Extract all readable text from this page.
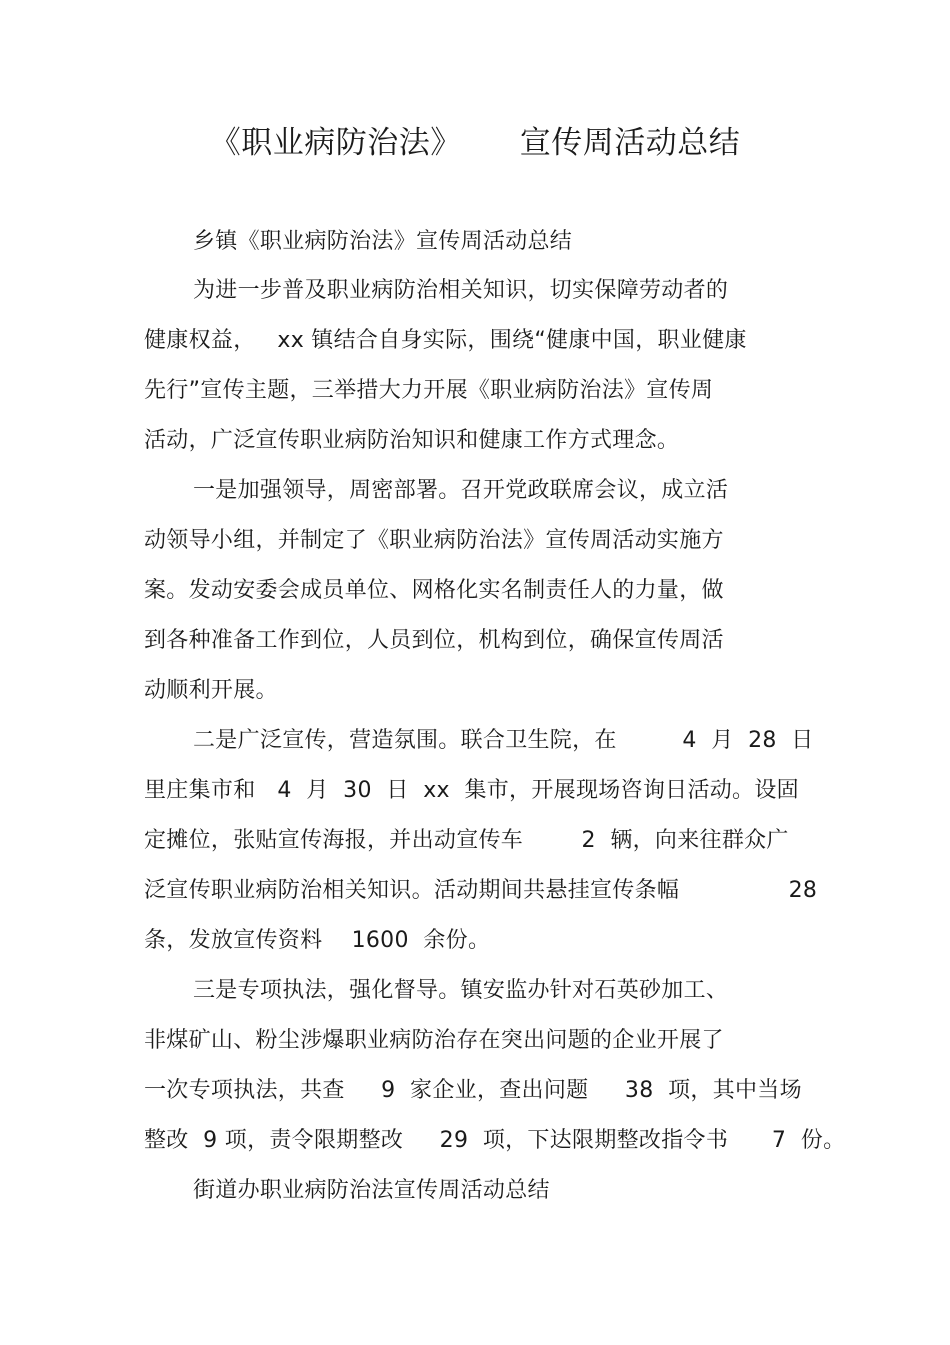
《职业病防治法》 宣传周活动总结
乡镇《职业病防治法》宣传周活动总结
为进一步普及职业病防治相关知识，切实保障劳动者的
健康权益，   xx 镇结合自身实际，围绕“健康中国，职业健康
先行”宣传主题，三举措大力开展《职业病防治法》宣传周
活动，广泛宣传职业病防治知识和健康工作方式理念。
一是加强领导，周密部署。召开党政联席会议，成立活
动领导小组，并制定了《职业病防治法》宣传周活动实施方
案。发动安委会成员单位、网格化实名制责任人的力量，做
到各种准备工作到位，人员到位，机构到位，确保宣传周活
动顺利开展。
二是广泛宣传，营造氛围。联合卫生院，在         4  月  28  日
里庄集市和   4  月  30  日  xx  集市，开展现场咨询日活动。设固
定摊位，张贴宣传海报，并出动宣传车        2  辆，向来往群众广
泛宣传职业病防治相关知识。活动期间共悬挂宣传条幅               28
条，发放宣传资料    1600  余份。
三是专项执法，强化督导。镇安监办针对石英砂加工、
非煤矿山、粉尘涉爆职业病防治存在突出问题的企业开展了
一次专项执法，共查     9  家企业，查出问题     38  项，其中当场
整改  9 项，责令限期整改     29  项，下达限期整改指令书      7  份。
街道办职业病防治法宣传周活动总结
